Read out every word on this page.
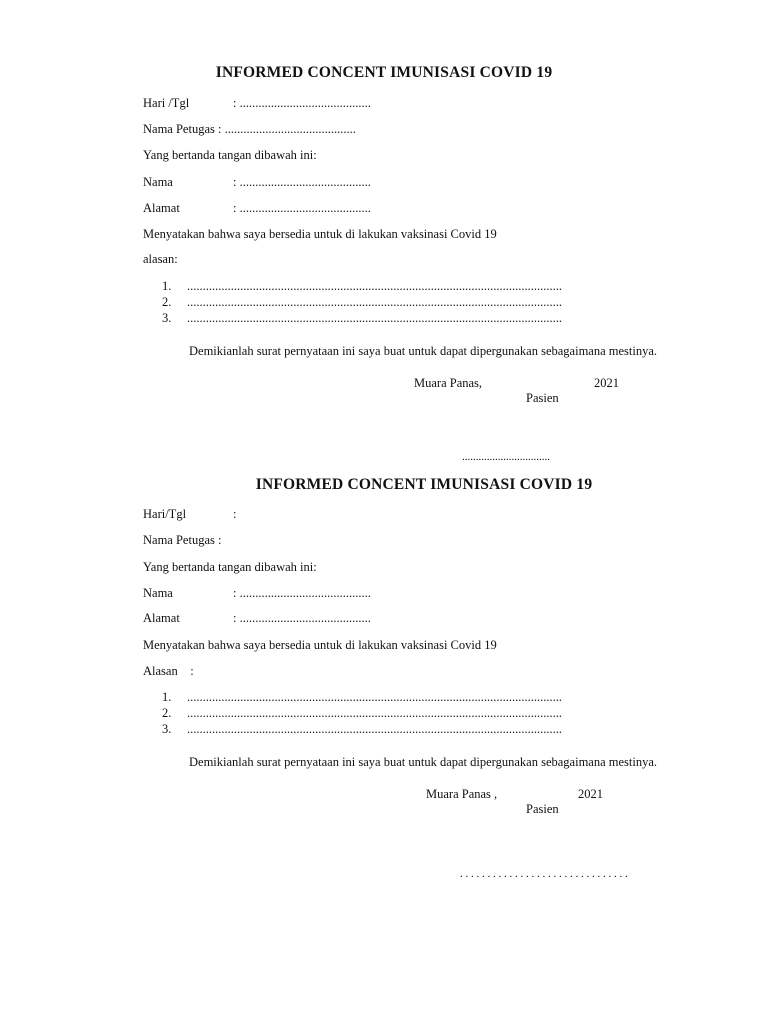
INFORMED CONCENT IMUNISASI COVID 19
Hari /Tgl	: ..........................................
Nama Petugas : ..........................................
Yang bertanda tangan dibawah ini:
Nama	: ..........................................
Alamat	: ..........................................
Menyatakan bahwa saya bersedia untuk di lakukan vaksinasi Covid 19
alasan:
1. ........................................................................................................................
2. ........................................................................................................................
3. ........................................................................................................................
Demikianlah surat pernyataan ini saya buat untuk dapat dipergunakan sebagaimana mestinya.
Muara Panas,	2021
Pasien
................................
INFORMED CONCENT IMUNISASI COVID 19
Hari/Tgl	:
Nama Petugas :
Yang bertanda tangan dibawah ini:
Nama	: ..........................................
Alamat	: ..........................................
Menyatakan bahwa saya bersedia untuk di lakukan vaksinasi Covid 19
Alasan    :
1. ........................................................................................................................
2. ........................................................................................................................
3. ........................................................................................................................
Demikianlah surat pernyataan ini saya buat untuk dapat dipergunakan sebagaimana mestinya.
Muara Panas ,	2021
Pasien
. . . . . . . . . . . . . . . . . . . . . . . . . . . . . . .
